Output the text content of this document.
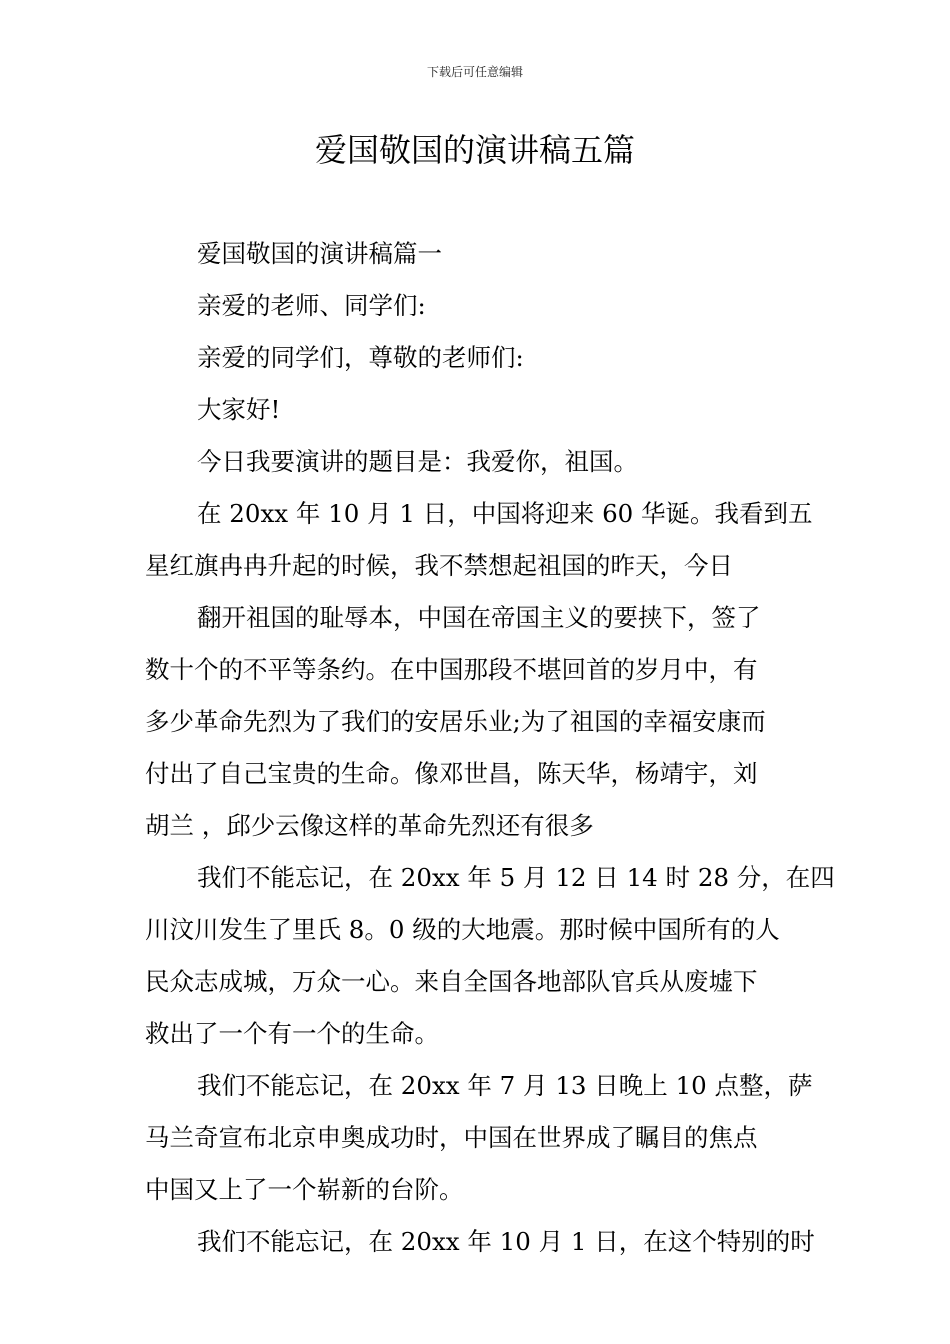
下载后可任意编辑
爱国敬国的演讲稿五篇

爱国敬国的演讲稿篇一

亲爱的老师、同学们:

亲爱的同学们，尊敬的老师们:

大家好!

今日我要演讲的题目是：我爱你，祖国。

在 20xx 年 10 月 1 日，中国将迎来 60 华诞。我看到五
星红旗冉冉升起的时候，我不禁想起祖国的昨天，今日

翻开祖国的耻辱本，中国在帝国主义的要挟下，签了
数十个的不平等条约。在中国那段不堪回首的岁月中，有
多少革命先烈为了我们的安居乐业;为了祖国的幸福安康而
付出了自己宝贵的生命。像邓世昌，陈天华，杨靖宇，刘
胡兰 ，邱少云像这样的革命先烈还有很多

我们不能忘记，在 20xx 年 5 月 12 日 14 时 28 分，在四
川汶川发生了里氏 8。0 级的大地震。那时候中国所有的人
民众志成城，万众一心。来自全国各地部队官兵从废墟下
救出了一个有一个的生命。

我们不能忘记，在 20xx 年 7 月 13 日晚上 10 点整，萨
马兰奇宣布北京申奥成功时，中国在世界成了瞩目的焦点
中国又上了一个崭新的台阶。

我们不能忘记，在 20xx 年 10 月 1 日，在这个特别的时
